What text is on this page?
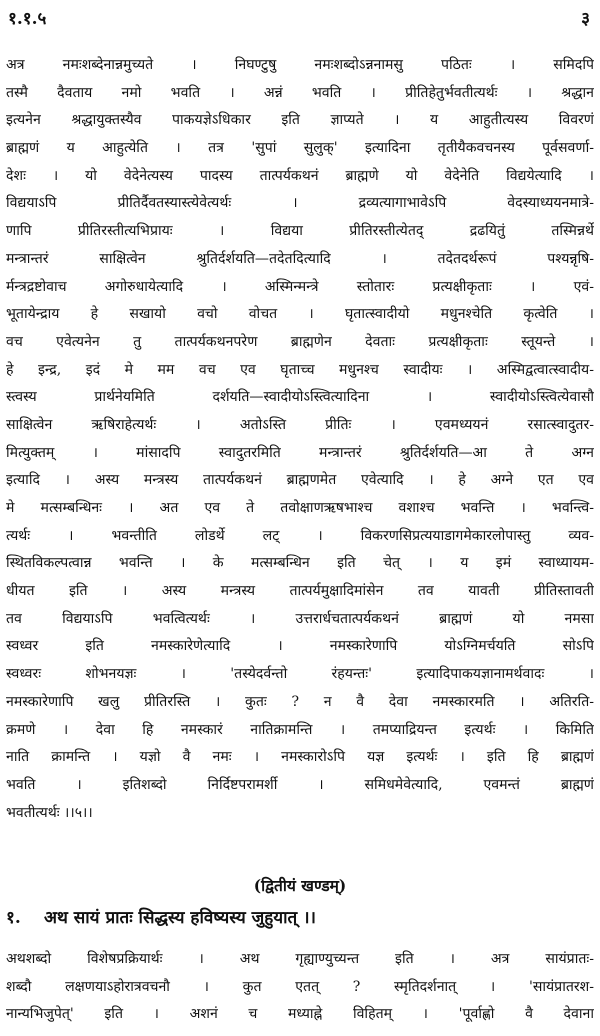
१.१.५	३
अत्र नमःशब्देनान्नमुच्यते । निघण्टुषु नमःशब्दोऽन्ननामसु पठितः । समिदपि
तस्मै दैवताय नमो भवति । अन्नं भवति । प्रीतिहेतुर्भवतीत्यर्थः । श्रद्धान
इत्यनेन श्रद्धायुक्तस्यैव पाकयज्ञेऽधिकार इति ज्ञाप्यते । य आहुतीत्यस्य विवरणं
ब्राह्मणं य आहुत्येति । तत्र 'सुपां सुलुक्' इत्यादिना तृतीयैकवचनस्य पूर्वसवर्णा-
देशः । यो वेदेनेत्यस्य पादस्य तात्पर्यकथनं ब्राह्मणे यो वेदेनेति विद्ययेत्यादि ।
विद्ययाऽपि प्रीतिर्दैवतस्यास्त्येवेत्यर्थः । द्रव्यत्यागाभावेऽपि वेदस्याध्ययनमात्रे-
णापि प्रीतिरस्तीत्यभिप्रायः । विद्यया प्रीतिरस्तीत्येतद् द्रढयितुं तस्मिन्नर्थे
मन्त्रान्तरं साक्षित्वेन श्रुतिर्दर्शयति—तदेतदित्यादि । तदेतदर्थरूपं पश्यन्नृषि-
र्मन्त्रद्रष्टोवाच अगोरुधायेत्यादि । अस्मिन्मन्त्रे स्तोतारः प्रत्यक्षीकृताः । एवं-
भूतायेन्द्राय हे सखायो वचो वोचत । घृतात्स्वादीयो मधुनश्चेति कृत्वेति ।
वच एवेत्यनेन तु तात्पर्यकथनपरेण ब्राह्मणेन देवताः प्रत्यक्षीकृताः स्तूयन्ते ।
हे इन्द्र, इदं मे मम वच एव घृताच्च मधुनश्च स्वादीयः । अस्मिद्वत्वात्स्वादीय-
स्त्वस्य प्रार्थनेयमिति दर्शयति—स्वादीयोऽस्त्वित्यादिना । स्वादीयोऽस्त्वित्येवासौ
साक्षित्वेन ऋषिराहेत्यर्थः । अतोऽस्ति प्रीतिः । एवमध्ययनं रसात्स्वादुतर-
मित्युक्तम् । मांसादपि स्वादुतरमिति मन्त्रान्तरं श्रुतिर्दर्शयति—आ ते अग्न
इत्यादि । अस्य मन्त्रस्य तात्पर्यकथनं ब्राह्मणमेत एवेत्यादि । हे अग्ने एत एव
मे मत्सम्बन्धिनः । अत एव ते तवोक्षाणऋषभाश्च वशाश्च भवन्ति । भवन्त्वि-
त्यर्थः । भवन्तीति लोडर्थे लट् । विकरणसिप्रत्ययाडागमेकारलोपास्तु व्यव-
स्थितविकल्पत्वान्न भवन्ति । के मत्सम्बन्धिन इति चेत् । य इमं स्वाध्यायम-
धीयत इति । अस्य मन्त्रस्य तात्पर्यमुक्षादिमांसेन तव यावती प्रीतिस्तावती
तव विद्ययाऽपि भवत्वित्यर्थः । उत्तरार्धचतात्पर्यकथनं ब्राह्मणं यो नमसा
स्वध्वर इति नमस्कारेणेत्यादि । नमस्कारेणापि योऽग्निमर्चयति सोऽपि
स्वध्वरः शोभनयज्ञः । 'तस्येदर्वन्तो रंहयन्तः' इत्यादिपाकयज्ञानामर्थवादः ।
नमस्कारेणापि खलु प्रीतिरस्ति । कुतः ? न वै देवा नमस्कारमति । अतिरति-
क्रमणे । देवा हि नमस्कारं नातिक्रामन्ति । तमप्याद्रियन्त इत्यर्थः । किमिति
नाति क्रामन्ति । यज्ञो वै नमः । नमस्कारोऽपि यज्ञ इत्यर्थः । इति हि ब्राह्मणं
भवति । इतिशब्दो निर्दिष्टपरामर्शी । समिधमेवेत्यादि, एवमन्तं ब्राह्मणं
भवतीत्यर्थः ।।५।।
(द्वितीयं खण्डम्)
१.	अथ सायं प्रातः सिद्धस्य हविष्यस्य जुहुयात् ।।
अथशब्दो विशेषप्रक्रियार्थः । अथ गृह्याण्युच्यन्त इति । अत्र सायंप्रातः-
शब्दौ लक्षणयाऽहोरात्रवचनौ । कुत एतत् ? स्मृतिदर्शनात् । 'सायंप्रातरश-
नान्यभिजुपेत्' इति । अशनं च मध्याह्ने विहितम् । 'पूर्वाह्णो वै देवाना
